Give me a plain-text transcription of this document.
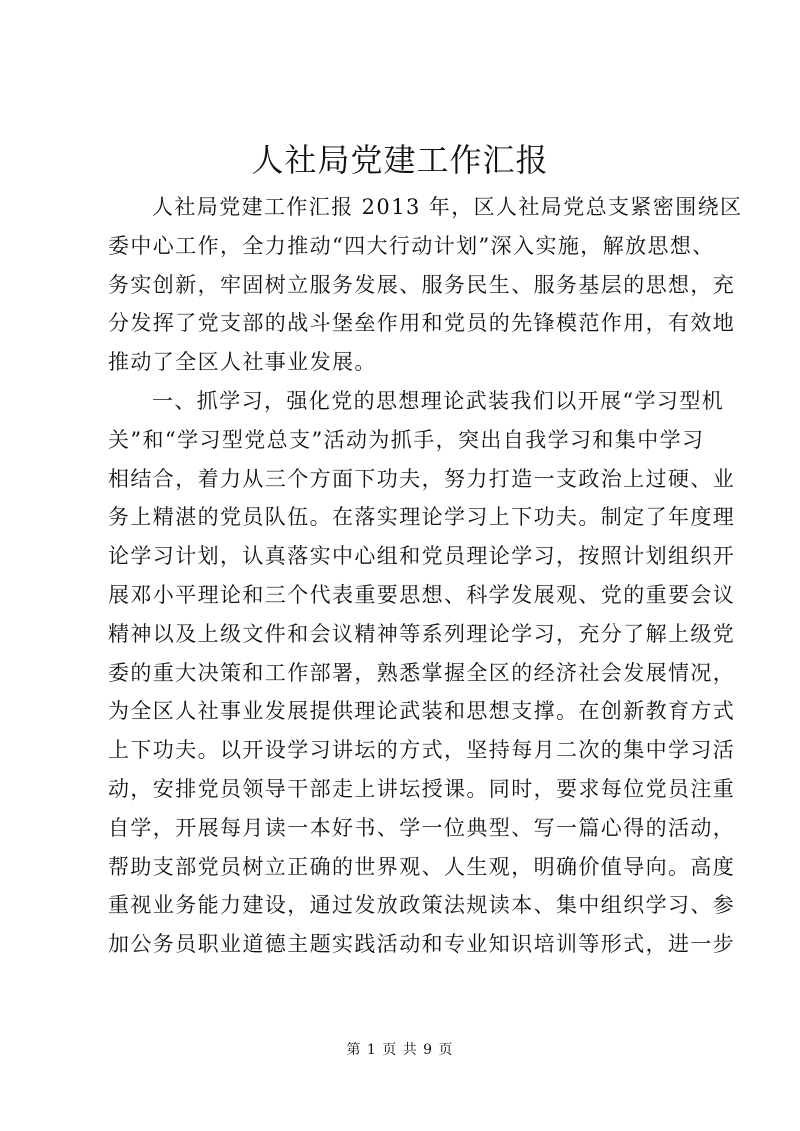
人社局党建工作汇报
人社局党建工作汇报 2013 年，区人社局党总支紧密围绕区
委中心工作，全力推动“四大行动计划”深入实施，解放思想、
务实创新，牢固树立服务发展、服务民生、服务基层的思想，充
分发挥了党支部的战斗堡垒作用和党员的先锋模范作用，有效地
推动了全区人社事业发展。
一、抓学习，强化党的思想理论武装我们以开展“学习型机
关”和“学习型党总支”活动为抓手，突出自我学习和集中学习
相结合，着力从三个方面下功夫，努力打造一支政治上过硬、业
务上精湛的党员队伍。在落实理论学习上下功夫。制定了年度理
论学习计划，认真落实中心组和党员理论学习，按照计划组织开
展邓小平理论和三个代表重要思想、科学发展观、党的重要会议
精神以及上级文件和会议精神等系列理论学习，充分了解上级党
委的重大决策和工作部署，熟悉掌握全区的经济社会发展情况，
为全区人社事业发展提供理论武装和思想支撑。在创新教育方式
上下功夫。以开设学习讲坛的方式，坚持每月二次的集中学习活
动，安排党员领导干部走上讲坛授课。同时，要求每位党员注重
自学，开展每月读一本好书、学一位典型、写一篇心得的活动，
帮助支部党员树立正确的世界观、人生观，明确价值导向。高度
重视业务能力建设，通过发放政策法规读本、集中组织学习、参
加公务员职业道德主题实践活动和专业知识培训等形式，进一步
第 1 页 共 9 页
